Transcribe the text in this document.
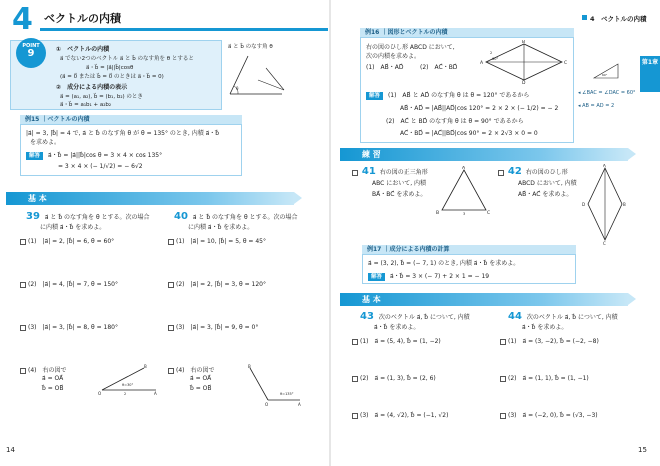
4	ベクトルの内積
POINT
9	①　ベクトルの内積
a⃗ でない2つのベクトル a⃗ と b⃗ のなす角を θ とすると
a⃗・b⃗ = |a⃗||b⃗|cosθ
(a⃗ = 0⃗ または b⃗ = 0⃗ のときは a⃗・b⃗ = 0)
②　成分による内積の表示
a⃗ = (a₁, a₂), b⃗ = (b₁, b₂) のとき
a⃗・b⃗ = a₁b₁ + a₂b₂
a⃗ と b⃗ のなす角 θ
θ
例15 ｜ベクトルの内積
|a⃗| = 3, |b⃗| = 4 で, a⃗ と b⃗ のなす角 θ が θ = 135° のとき, 内積 a⃗・b⃗
を求めよ。
解答 a⃗・b⃗ = |a⃗||b⃗|cos θ = 3 × 4 × cos 135°
= 3 × 4 × (− 1/√2) = − 6√2
基 本
39 a⃗ と b⃗ のなす角を θ とする。次の場合
に内積 a⃗・b⃗ を求めよ。
(1)　|a⃗| = 2, |b⃗| = 6, θ = 60°
(2)　|a⃗| = 4, |b⃗| = 7, θ = 150°
(3)　|a⃗| = 3, |b⃗| = 8, θ = 180°
(4)　右の図で
a⃗ = OA⃗
b⃗ = OB⃗
O	A
B
θ=30°
2
40 a⃗ と b⃗ のなす角を θ とする。次の場合
に内積 a⃗・b⃗ を求めよ。
(1)　|a⃗| = 10, |b⃗| = 5, θ = 45°
(2)　|a⃗| = 2, |b⃗| = 3, θ = 120°
(3)　|a⃗| = 3, |b⃗| = 9, θ = 0°
(4)　右の図で
a⃗ = OA⃗
b⃗ = OB⃗
O	A
B
θ=135°
14
4　ベクトルの内積
第1章
例16 ｜図形とベクトルの内積
右の図のひし形 ABCD において,
次の内積を求めよ。
(1)　AB⃗・AD⃗	(2)　AC⃗・BD⃗
A
B
C
D
2
60°
解答 (1)　AB⃗ と AD⃗ のなす角 θ は θ = 120° であるから
AB⃗・AD⃗ = |AB⃗||AD⃗|cos 120° = 2 × 2 × (− 1/2) = − 2
(2)　AC⃗ と BD⃗ のなす角 θ は θ = 90° であるから
AC⃗・BD⃗ = |AC⃗||BD⃗|cos 90° = 2 × 2√3 × 0 = 0
◂ ∠BAC = ∠DAC = 60°
◂ AB = AD = 2
60°
練 習
41 右の図の正三角形
ABC において, 内積
BA⃗・BC⃗ を求めよ。
A
B	C
3
42 右の図のひし形
ABCD において, 内積
AB⃗・AC⃗ を求めよ。
A
B
C
D
例17 ｜成分による内積の計算
a⃗ = (3, 2), b⃗ = (− 7, 1) のとき, 内積 a⃗・b⃗ を求めよ。
解答 a⃗・b⃗ = 3 × (− 7) + 2 × 1 = − 19
基 本
43 次のベクトル a⃗, b⃗ について, 内積
a⃗・b⃗ を求めよ。
(1)　a⃗ = (5, 4), b⃗ = (1, −2)
(2)　a⃗ = (1, 3), b⃗ = (2, 6)
(3)　a⃗ = (4, √2), b⃗ = (−1, √2)
44 次のベクトル a⃗, b⃗ について, 内積
a⃗・b⃗ を求めよ。
(1)　a⃗ = (3, −2), b⃗ = (−2, −8)
(2)　a⃗ = (1, 1), b⃗ = (1, −1)
(3)　a⃗ = (−2, 0), b⃗ = (√3, −3)
15
